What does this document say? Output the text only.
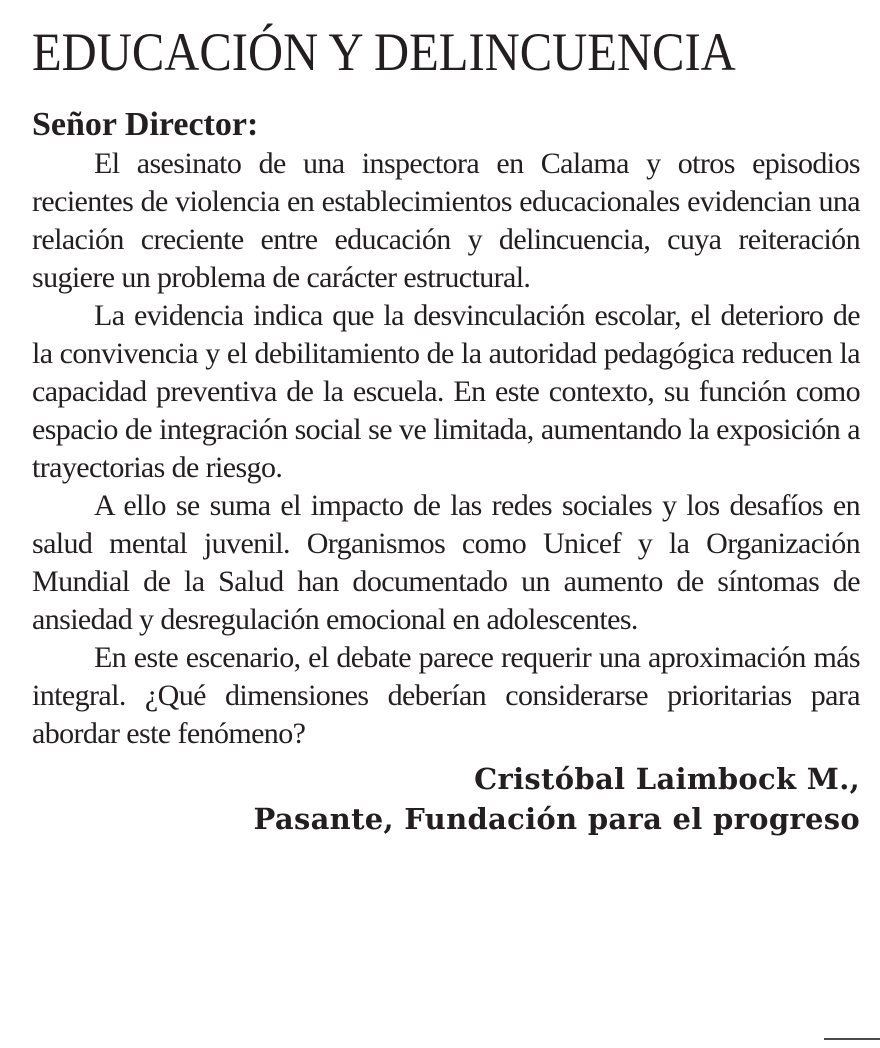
EDUCACIÓN Y DELINCUENCIA
Señor Director:

El asesinato de una inspectora en Calama y otros episodios recientes de violencia en establecimientos educacionales evidencian una relación creciente entre educación y delincuencia, cuya reiteración sugiere un problema de carácter estructural.

La evidencia indica que la desvinculación escolar, el deterioro de la convivencia y el debilitamiento de la autoridad pedagógica reducen la capacidad preventiva de la escuela. En este contexto, su función como espacio de integración social se ve limitada, aumentando la exposición a trayectorias de riesgo.

A ello se suma el impacto de las redes sociales y los desafíos en salud mental juvenil. Organismos como Unicef y la Organización Mundial de la Salud han documentado un aumento de síntomas de ansiedad y desregulación emocional en adolescentes.

En este escenario, el debate parece requerir una aproximación más integral. ¿Qué dimensiones deberían considerarse prioritarias para abordar este fenómeno?

Cristóbal Laimbock M.,
Pasante, Fundación para el progreso
